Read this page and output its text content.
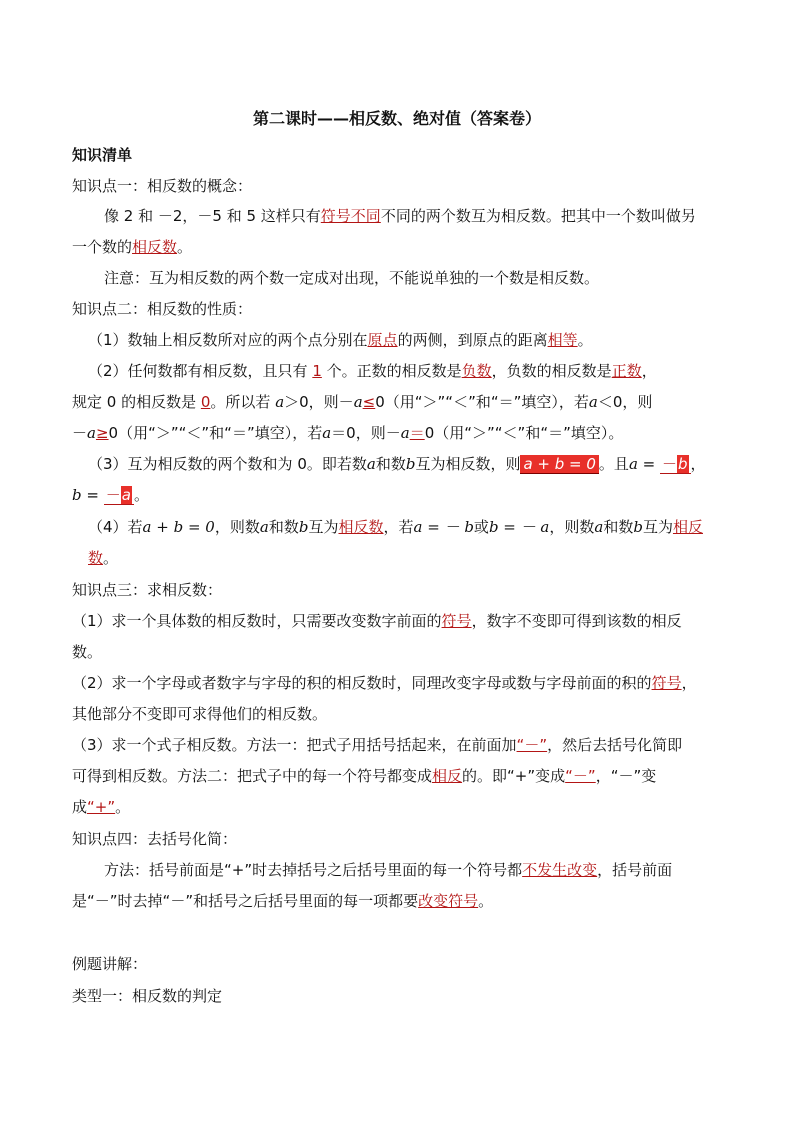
第二课时——相反数、绝对值（答案卷）
知识清单
知识点一：相反数的概念：
像 2 和 －2，－5 和 5 这样只有符号不同不同的两个数互为相反数。把其中一个数叫做另
一个数的相反数。
注意：互为相反数的两个数一定成对出现，不能说单独的一个数是相反数。
知识点二：相反数的性质：
（1）数轴上相反数所对应的两个点分别在原点的两侧，到原点的距离相等。
（2）任何数都有相反数，且只有 1 个。正数的相反数是负数，负数的相反数是正数，
规定 0 的相反数是 0。所以若 a＞0，则－a≤0（用“＞”“＜”和“＝”填空），若a＜0，则
－a≥0（用“＞”“＜”和“＝”填空），若a＝0，则－a＝0（用“＞”“＜”和“＝”填空）。
（3）互为相反数的两个数和为 0。即若数a和数b互为相反数，则 a + b = 0 。且a = －b ，
b = －a 。
（4）若a + b = 0，则数a和数b互为相反数，若a = － b或b = － a，则数a和数b互为相反
数。
知识点三：求相反数：
（1）求一个具体数的相反数时，只需要改变数字前面的符号，数字不变即可得到该数的相反
数。
（2）求一个字母或者数字与字母的积的相反数时，同理改变字母或数与字母前面的积的符号，
其他部分不变即可求得他们的相反数。
（3）求一个式子相反数。方法一：把式子用括号括起来，在前面加“－”，然后去括号化简即
可得到相反数。方法二：把式子中的每一个符号都变成相反的。即“+”变成“－”，“－”变
成“+”。
知识点四：去括号化简：
方法：括号前面是“+”时去掉括号之后括号里面的每一个符号都不发生改变，括号前面
是“－”时去掉“－”和括号之后括号里面的每一项都要改变符号。
例题讲解：
类型一：相反数的判定
